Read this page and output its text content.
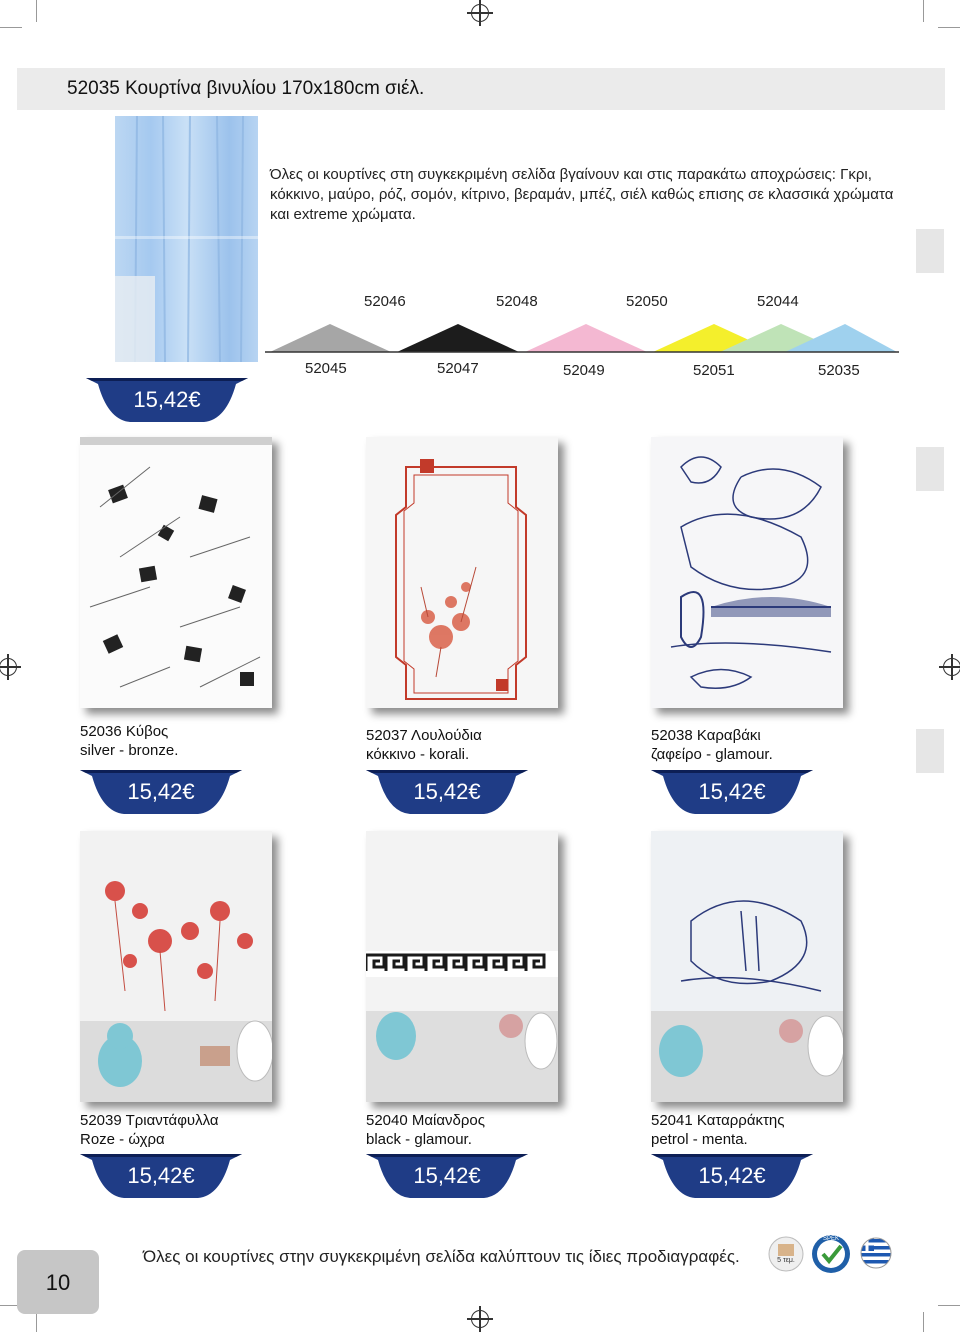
52035 Κουρτίνα βινυλίου 170x180cm σιέλ.
Όλες οι κουρτίνες στη συγκεκριμένη σελίδα βγαίνουν και στις παρακάτω αποχρώσεις: Γκρι, κόκκινο, μαύρο, ρόζ, σομόν, κίτρινο, βεραμάν, μπέζ, σιέλ καθώς επισης σε κλασσικά χρώματα και extreme χρώματα.
52046	52048	52050	52044
52045	52047	52049	52051	52035
15,42€
52036 Κύβος
silver - bronze.
52037 Λουλούδια
κόκκινο - korali.
52038 Καραβάκι
ζαφείρο - glamour.
15,42€	15,42€	15,42€
52039 Τριαντάφυλλα
Roze - ώχρα
52040 Μαίανδρος
black - glamour.
52041 Καταρράκτης
petrol - menta.
15,42€	15,42€	15,42€
10
Όλες οι κουρτίνες στην συγκεκριμένη σελίδα καλύπτουν τις ίδιες προδιαγραφές.	5 τεμ.
SPEK
